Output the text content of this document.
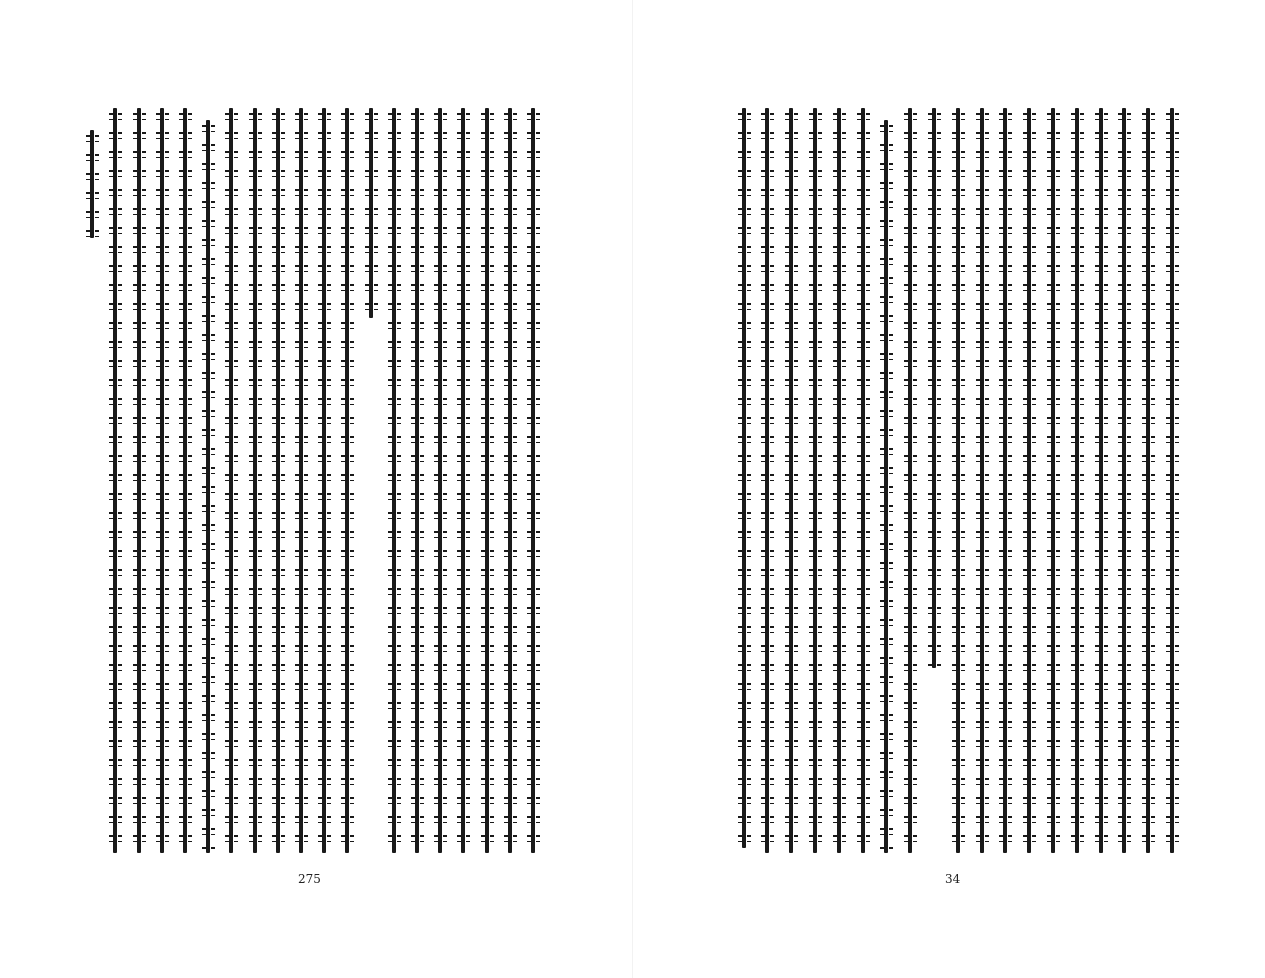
275	34
